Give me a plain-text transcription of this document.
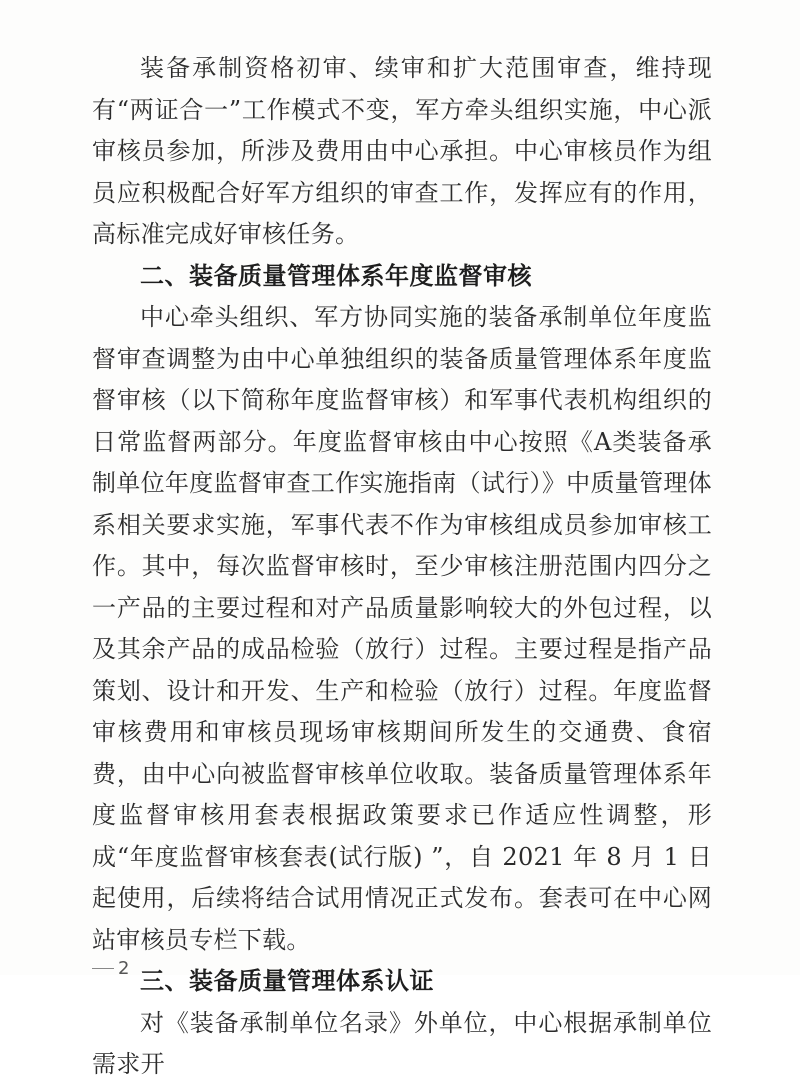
装备承制资格初审、续审和扩大范围审查，维持现有“两证合一”工作模式不变，军方牵头组织实施，中心派审核员参加，所涉及费用由中心承担。中心审核员作为组员应积极配合好军方组织的审查工作，发挥应有的作用，高标准完成好审核任务。

二、装备质量管理体系年度监督审核

中心牵头组织、军方协同实施的装备承制单位年度监督审查调整为由中心单独组织的装备质量管理体系年度监督审核（以下简称年度监督审核）和军事代表机构组织的日常监督两部分。年度监督审核由中心按照《A类装备承制单位年度监督审查工作实施指南（试行）》中质量管理体系相关要求实施，军事代表不作为审核组成员参加审核工作。其中，每次监督审核时，至少审核注册范围内四分之一产品的主要过程和对产品质量影响较大的外包过程，以及其余产品的成品检验（放行）过程。主要过程是指产品策划、设计和开发、生产和检验（放行）过程。年度监督审核费用和审核员现场审核期间所发生的交通费、食宿费，由中心向被监督审核单位收取。装备质量管理体系年度监督审核用套表根据政策要求已作适应性调整，形成“年度监督审核套表(试行版) ”，自 2021 年 8 月 1 日起使用，后续将结合试用情况正式发布。套表可在中心网站审核员专栏下载。

三、装备质量管理体系认证

对《装备承制单位名录》外单位，中心根据承制单位需求开

2
